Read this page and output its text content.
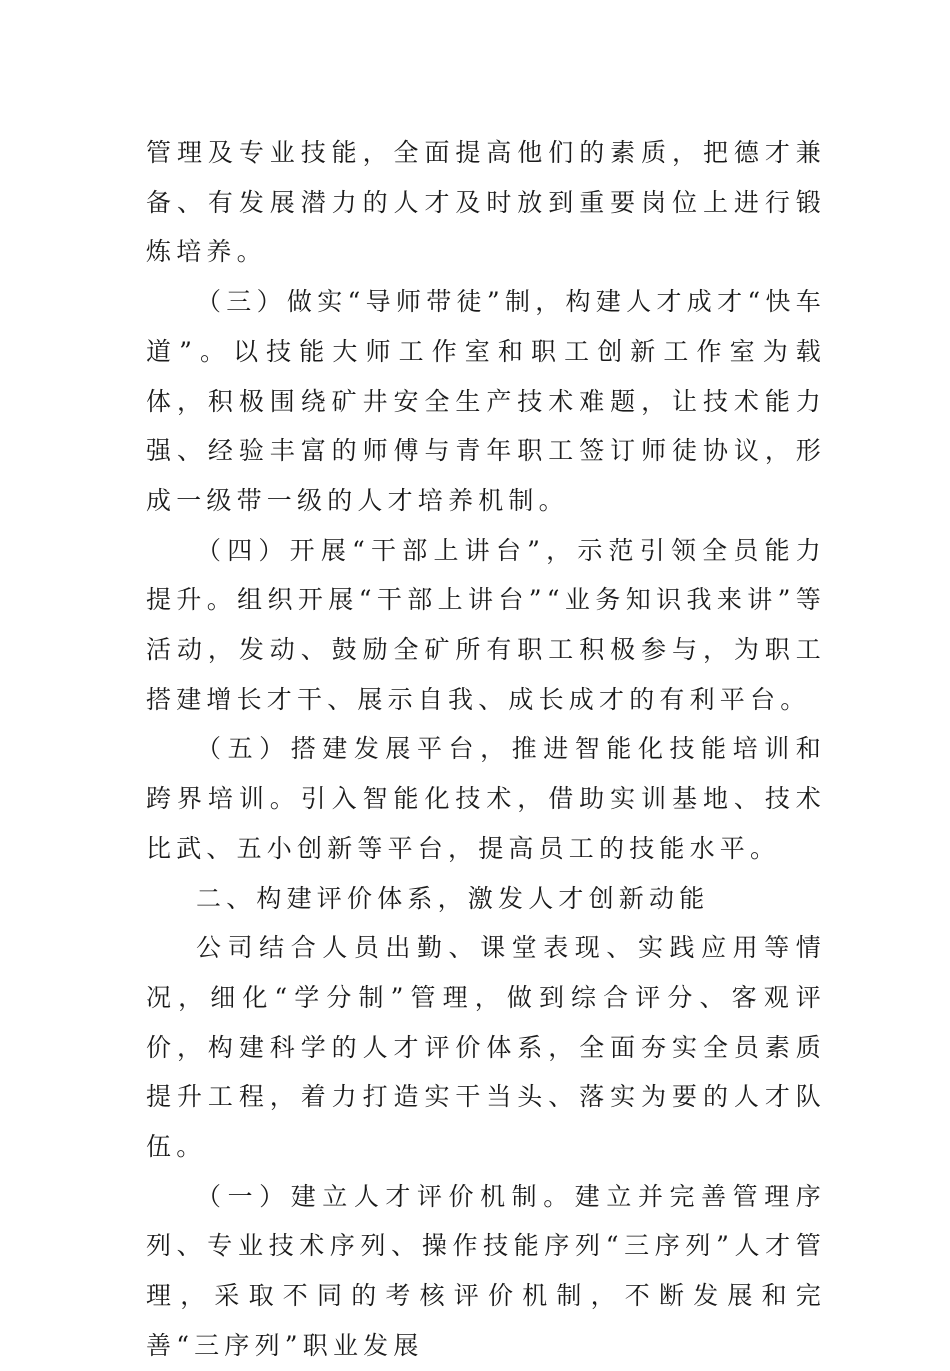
管理及专业技能，全面提高他们的素质，把德才兼备、有发展潜力的人才及时放到重要岗位上进行锻炼培养。

（三）做实“导师带徒”制，构建人才成才“快车道”。以技能大师工作室和职工创新工作室为载体，积极围绕矿井安全生产技术难题，让技术能力强、经验丰富的师傅与青年职工签订师徒协议，形成一级带一级的人才培养机制。

（四）开展“干部上讲台”，示范引领全员能力提升。组织开展“干部上讲台”“业务知识我来讲”等活动，发动、鼓励全矿所有职工积极参与，为职工搭建增长才干、展示自我、成长成才的有利平台。

（五）搭建发展平台，推进智能化技能培训和跨界培训。引入智能化技术，借助实训基地、技术比武、五小创新等平台，提高员工的技能水平。

二、构建评价体系，激发人才创新动能

公司结合人员出勤、课堂表现、实践应用等情况，细化“学分制”管理，做到综合评分、客观评价，构建科学的人才评价体系，全面夯实全员素质提升工程，着力打造实干当头、落实为要的人才队伍。

（一）建立人才评价机制。建立并完善管理序列、专业技术序列、操作技能序列“三序列”人才管理，采取不同的考核评价机制，不断发展和完善“三序列”职业发展
